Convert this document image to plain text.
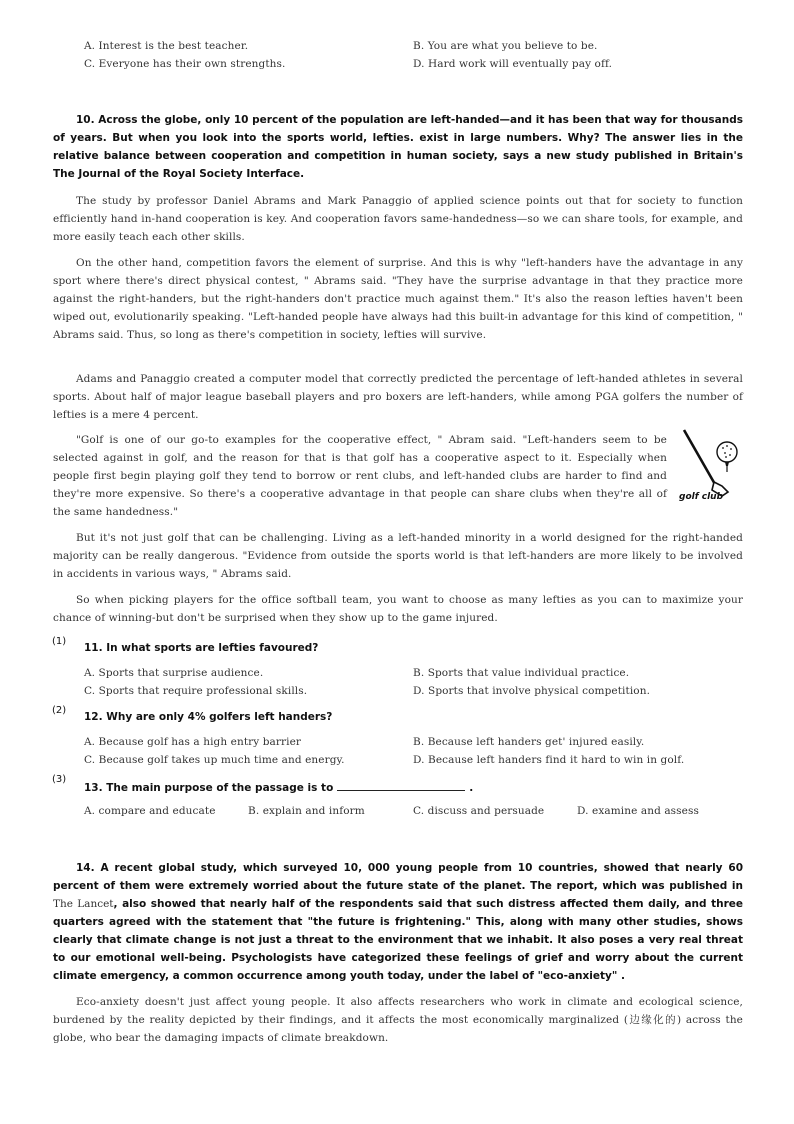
A. Interest is the best teacher.	B. You are what you believe to be.
C. Everyone has their own strengths.	D. Hard work will eventually pay off.
10. Across the globe, only 10 percent of the population are left-handed—and it has been that way for thousands of years. But when you look into the sports world, lefties. exist in large numbers. Why? The answer lies in the relative balance between cooperation and competition in human society, says a new study published in Britain's The Journal of the Royal Society Interface.
The study by professor Daniel Abrams and Mark Panaggio of applied science points out that for society to function efficiently hand in-hand cooperation is key. And cooperation favors same-handedness—so we can share tools, for example, and more easily teach each other skills.
On the other hand, competition favors the element of surprise. And this is why "left-handers have the advantage in any sport where there's direct physical contest, " Abrams said. "They have the surprise advantage in that they practice more against the right-handers, but the right-handers don't practice much against them." It's also the reason lefties haven't been wiped out, evolutionarily speaking. "Left-handed people have always had this built-in advantage for this kind of competition, " Abrams said. Thus, so long as there's competition in society, lefties will survive.
Adams and Panaggio created a computer model that correctly predicted the percentage of left-handed athletes in several sports. About half of major league baseball players and pro boxers are left-handers, while among PGA golfers the number of lefties is a mere 4 percent.
"Golf is one of our go-to examples for the cooperative effect, " Abram said. "Left-handers seem to be selected against in golf, and the reason for that is that golf has a cooperative aspect to it. Especially when people first begin playing golf they tend to borrow or rent clubs, and left-handed clubs are harder to find and they're more expensive. So there's a cooperative advantage in that people can share clubs when they're all of the same handedness."
golf club
But it's not just golf that can be challenging. Living as a left-handed minority in a world designed for the right-handed majority can be really dangerous. "Evidence from outside the sports world is that left-handers are more likely to be involved in accidents in various ways, " Abrams said.
So when picking players for the office softball team, you want to choose as many lefties as you can to maximize your chance of winning-but don't be surprised when they show up to the game injured.
(1)
11. In what sports are lefties favoured?
A. Sports that surprise audience.	B. Sports that value individual practice.
C. Sports that require professional skills.	D. Sports that involve physical competition.
(2)
12. Why are only 4% golfers left handers?
A. Because golf has a high entry barrier	B. Because left handers get' injured easily.
C. Because golf takes up much time and energy.	D. Because left handers find it hard to win in golf.
(3)
13. The main purpose of the passage is to	.
A. compare and educate	B. explain and inform	C. discuss and persuade	D. examine and assess
14. A recent global study, which surveyed 10, 000 young people from 10 countries, showed that nearly 60 percent of them were extremely worried about the future state of the planet. The report, which was published in The Lancet, also showed that nearly half of the respondents said that such distress affected them daily, and three quarters agreed with the statement that "the future is frightening." This, along with many other studies, shows clearly that climate change is not just a threat to the environment that we inhabit. It also poses a very real threat to our emotional well-being. Psychologists have categorized these feelings of grief and worry about the current climate emergency, a common occurrence among youth today, under the label of "eco-anxiety" .
Eco-anxiety doesn't just affect young people. It also affects researchers who work in climate and ecological science, burdened by the reality depicted by their findings, and it affects the most economically marginalized (边缘化的) across the globe, who bear the damaging impacts of climate breakdown.
